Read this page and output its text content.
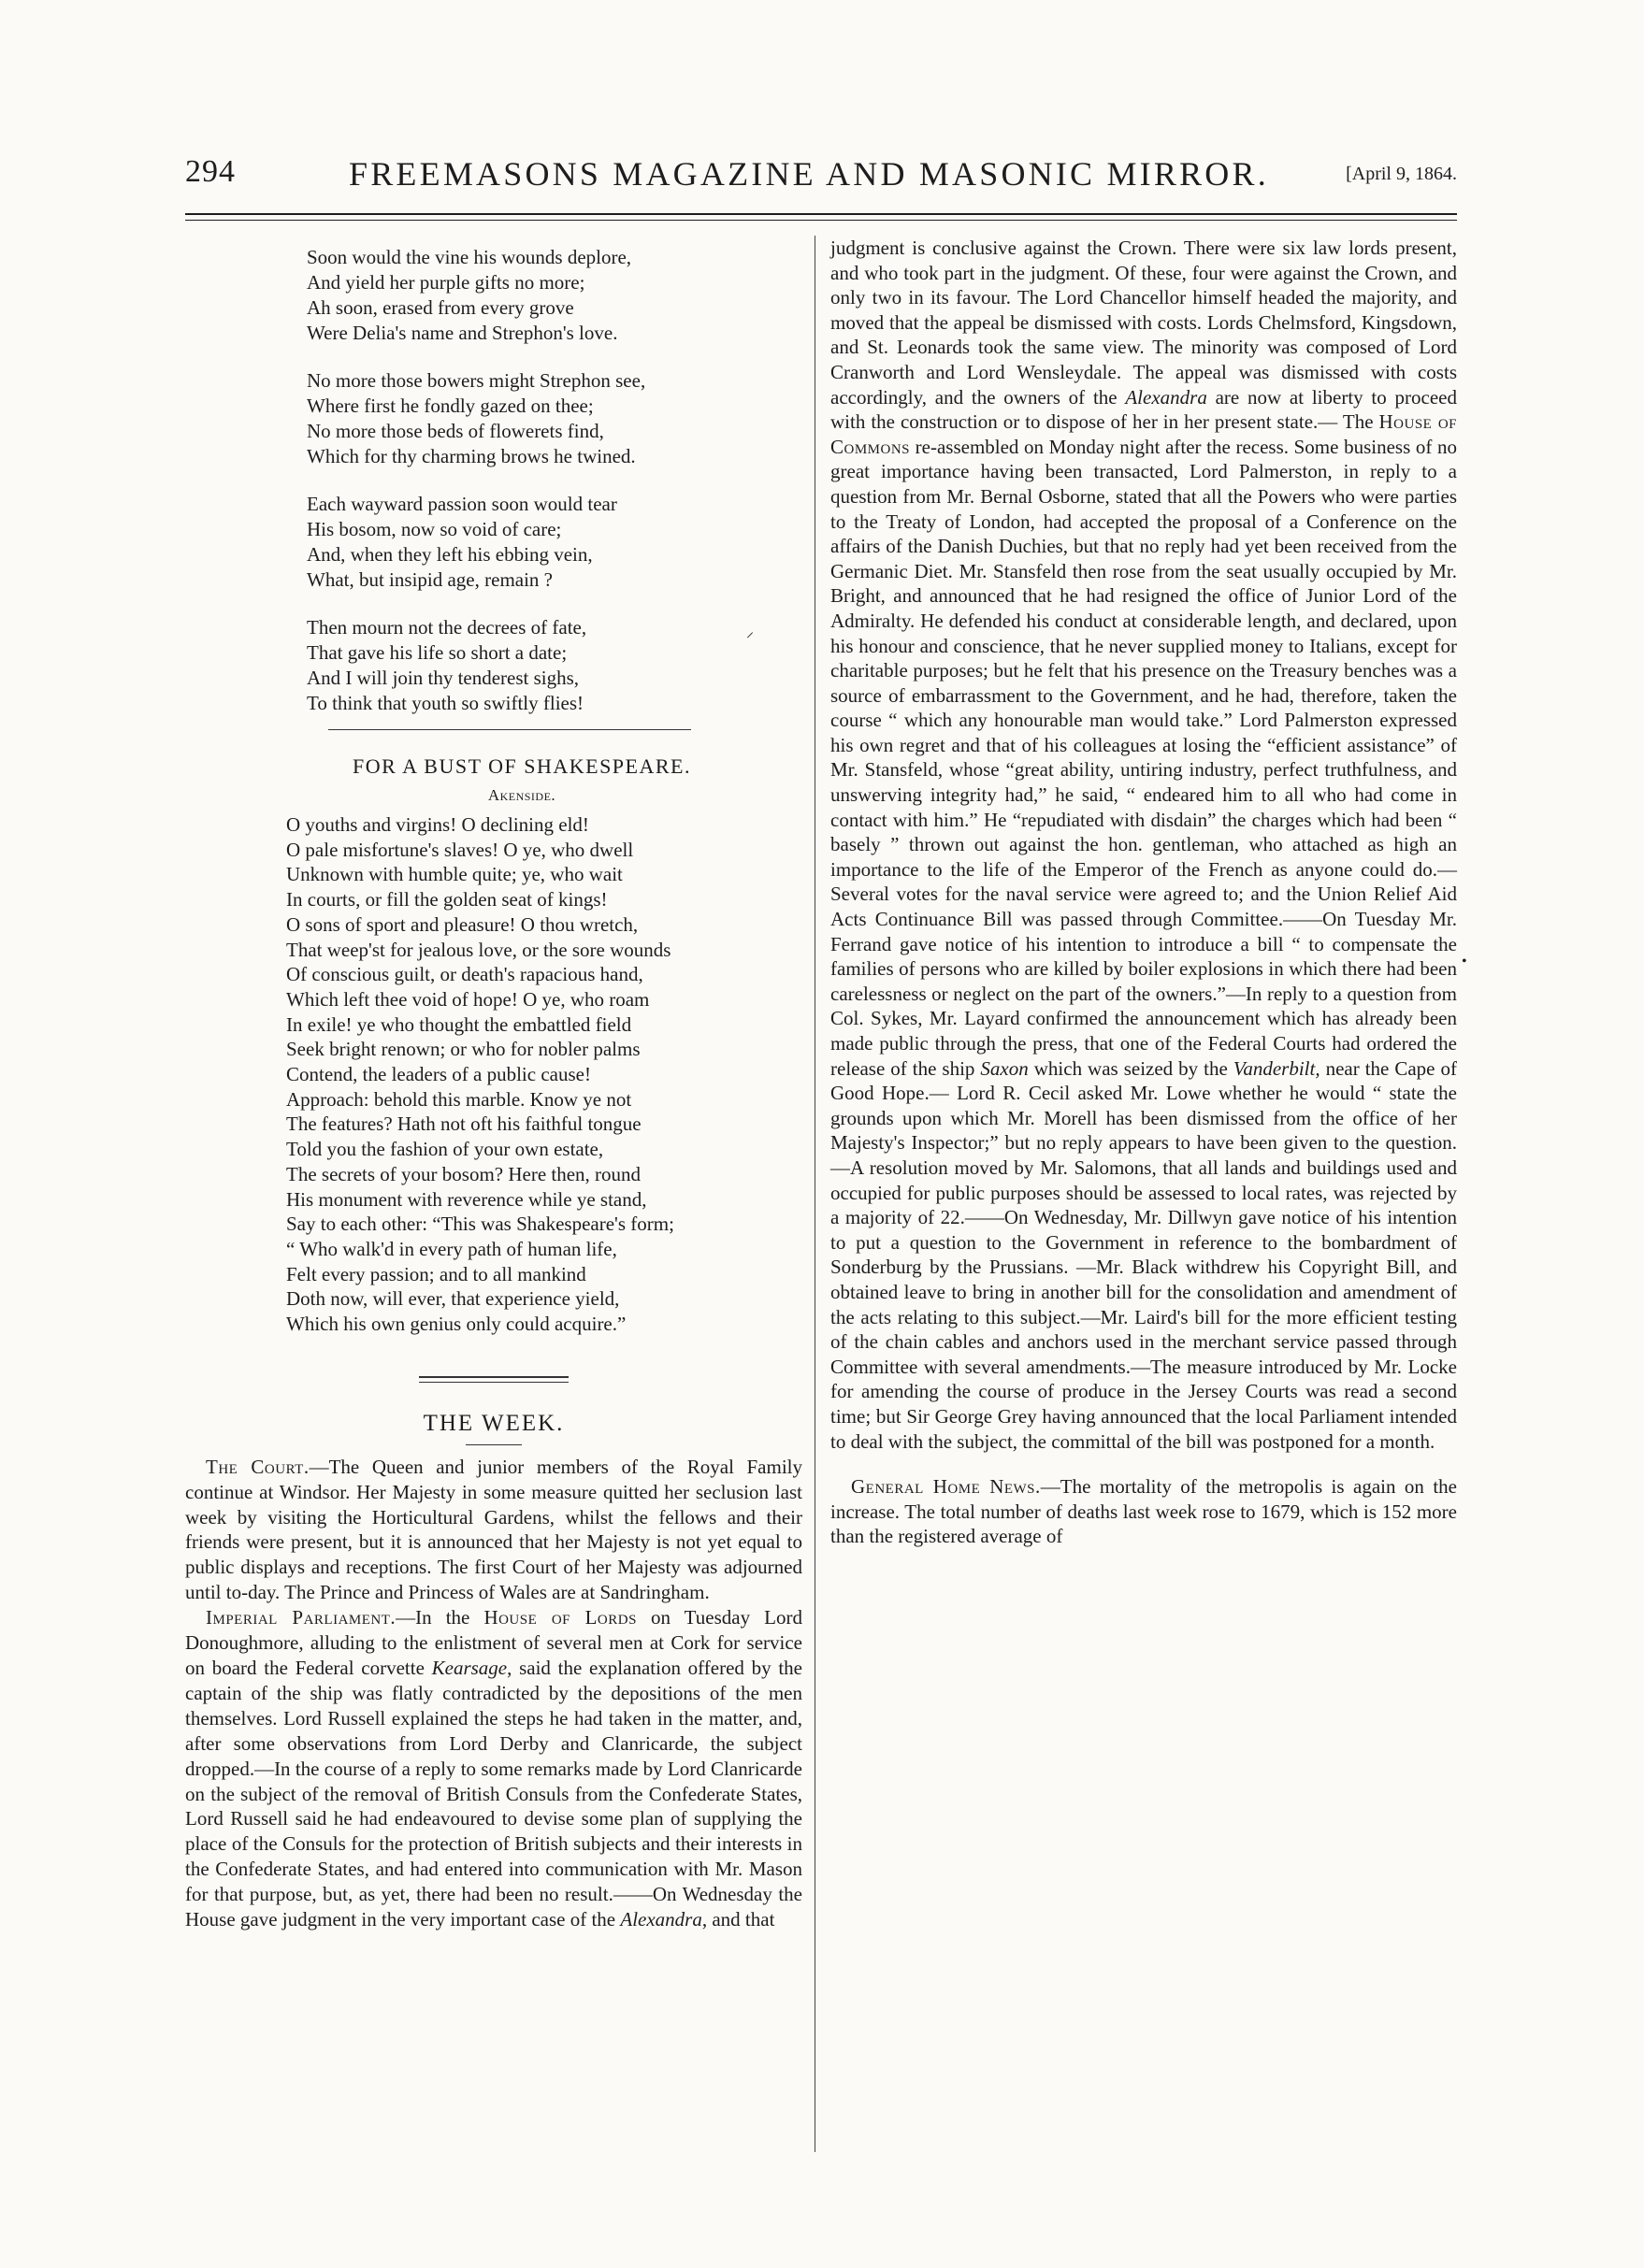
294	FREEMASONS MAGAZINE AND MASONIC MIRROR.	[April 9, 1864.
Soon would the vine his wounds deplore,
And yield her purple gifts no more;
Ah soon, erased from every grove
Were Delia's name and Strephon's love.
No more those bowers might Strephon see,
Where first he fondly gazed on thee;
No more those beds of flowerets find,
Which for thy charming brows he twined.
Each wayward passion soon would tear
His bosom, now so void of care;
And, when they left his ebbing vein,
What, but insipid age, remain ?
Then mourn not the decrees of fate,
That gave his life so short a date;
And I will join thy tenderest sighs,
To think that youth so swiftly flies!
FOR A BUST OF SHAKESPEARE.
Akenside.
O youths and virgins! O declining eld!
O pale misfortune's slaves! O ye, who dwell
Unknown with humble quite; ye, who wait
In courts, or fill the golden seat of kings!
O sons of sport and pleasure! O thou wretch,
That weep'st for jealous love, or the sore wounds
Of conscious guilt, or death's rapacious hand,
Which left thee void of hope! O ye, who roam
In exile! ye who thought the embattled field
Seek bright renown; or who for nobler palms
Contend, the leaders of a public cause!
Approach: behold this marble. Know ye not
The features? Hath not oft his faithful tongue
Told you the fashion of your own estate,
The secrets of your bosom? Here then, round
His monument with reverence while ye stand,
Say to each other: “This was Shakespeare's form;
“ Who walk'd in every path of human life,
Felt every passion; and to all mankind
Doth now, will ever, that experience yield,
Which his own genius only could acquire.”
THE WEEK.

The Court.—The Queen and junior members of the Royal Family continue at Windsor. Her Majesty in some measure quitted her seclusion last week by visiting the Horticultural Gardens, whilst the fellows and their friends were present, but it is announced that her Majesty is not yet equal to public displays and receptions. The first Court of her Majesty was adjourned until to-day. The Prince and Princess of Wales are at Sandringham.

Imperial Parliament.—In the House of Lords on Tuesday Lord Donoughmore, alluding to the enlistment of several men at Cork for service on board the Federal corvette Kearsage, said the explanation offered by the captain of the ship was flatly contradicted by the depositions of the men themselves. Lord Russell explained the steps he had taken in the matter, and, after some observations from Lord Derby and Clanricarde, the subject dropped.—In the course of a reply to some remarks made by Lord Clanricarde on the subject of the removal of British Consuls from the Confederate States, Lord Russell said he had endeavoured to devise some plan of supplying the place of the Consuls for the protection of British subjects and their interests in the Confederate States, and had entered into communication with Mr. Mason for that purpose, but, as yet, there had been no result.——On Wednesday the House gave judgment in the very important case of the Alexandra, and that

judgment is conclusive against the Crown. There were six law lords present, and who took part in the judgment. Of these, four were against the Crown, and only two in its favour. The Lord Chancellor himself headed the majority, and moved that the appeal be dismissed with costs. Lords Chelmsford, Kingsdown, and St. Leonards took the same view. The minority was composed of Lord Cranworth and Lord Wensleydale. The appeal was dismissed with costs accordingly, and the owners of the Alexandra are now at liberty to proceed with the construction or to dispose of her in her present state.— The House of Commons re-assembled on Monday night after the recess. Some business of no great importance having been transacted, Lord Palmerston, in reply to a question from Mr. Bernal Osborne, stated that all the Powers who were parties to the Treaty of London, had accepted the proposal of a Conference on the affairs of the Danish Duchies, but that no reply had yet been received from the Germanic Diet. Mr. Stansfeld then rose from the seat usually occupied by Mr. Bright, and announced that he had resigned the office of Junior Lord of the Admiralty. He defended his conduct at considerable length, and declared, upon his honour and conscience, that he never supplied money to Italians, except for charitable purposes; but he felt that his presence on the Treasury benches was a source of embarrassment to the Government, and he had, therefore, taken the course “ which any honourable man would take.” Lord Palmerston expressed his own regret and that of his colleagues at losing the “efficient assistance” of Mr. Stansfeld, whose “great ability, untiring industry, perfect truthfulness, and unswerving integrity had,” he said, “ endeared him to all who had come in contact with him.” He “repudiated with disdain” the charges which had been “ basely ” thrown out against the hon. gentleman, who attached as high an importance to the life of the Emperor of the French as anyone could do.—Several votes for the naval service were agreed to; and the Union Relief Aid Acts Continuance Bill was passed through Committee.——On Tuesday Mr. Ferrand gave notice of his intention to introduce a bill “ to compensate the families of persons who are killed by boiler explosions in which there had been carelessness or neglect on the part of the owners.”—In reply to a question from Col. Sykes, Mr. Layard confirmed the announcement which has already been made public through the press, that one of the Federal Courts had ordered the release of the ship Saxon which was seized by the Vanderbilt, near the Cape of Good Hope.— Lord R. Cecil asked Mr. Lowe whether he would “ state the grounds upon which Mr. Morell has been dismissed from the office of her Majesty's Inspector;” but no reply appears to have been given to the question.—A resolution moved by Mr. Salomons, that all lands and buildings used and occupied for public purposes should be assessed to local rates, was rejected by a majority of 22.——On Wednesday, Mr. Dillwyn gave notice of his intention to put a question to the Government in reference to the bombardment of Sonderburg by the Prussians. —Mr. Black withdrew his Copyright Bill, and obtained leave to bring in another bill for the consolidation and amendment of the acts relating to this subject.—Mr. Laird's bill for the more efficient testing of the chain cables and anchors used in the merchant service passed through Committee with several amendments.—The measure introduced by Mr. Locke for amending the course of produce in the Jersey Courts was read a second time; but Sir George Grey having announced that the local Parliament intended to deal with the subject, the committal of the bill was postponed for a month.

General Home News.—The mortality of the metropolis is again on the increase. The total number of deaths last week rose to 1679, which is 152 more than the registered average of

⸝
•
